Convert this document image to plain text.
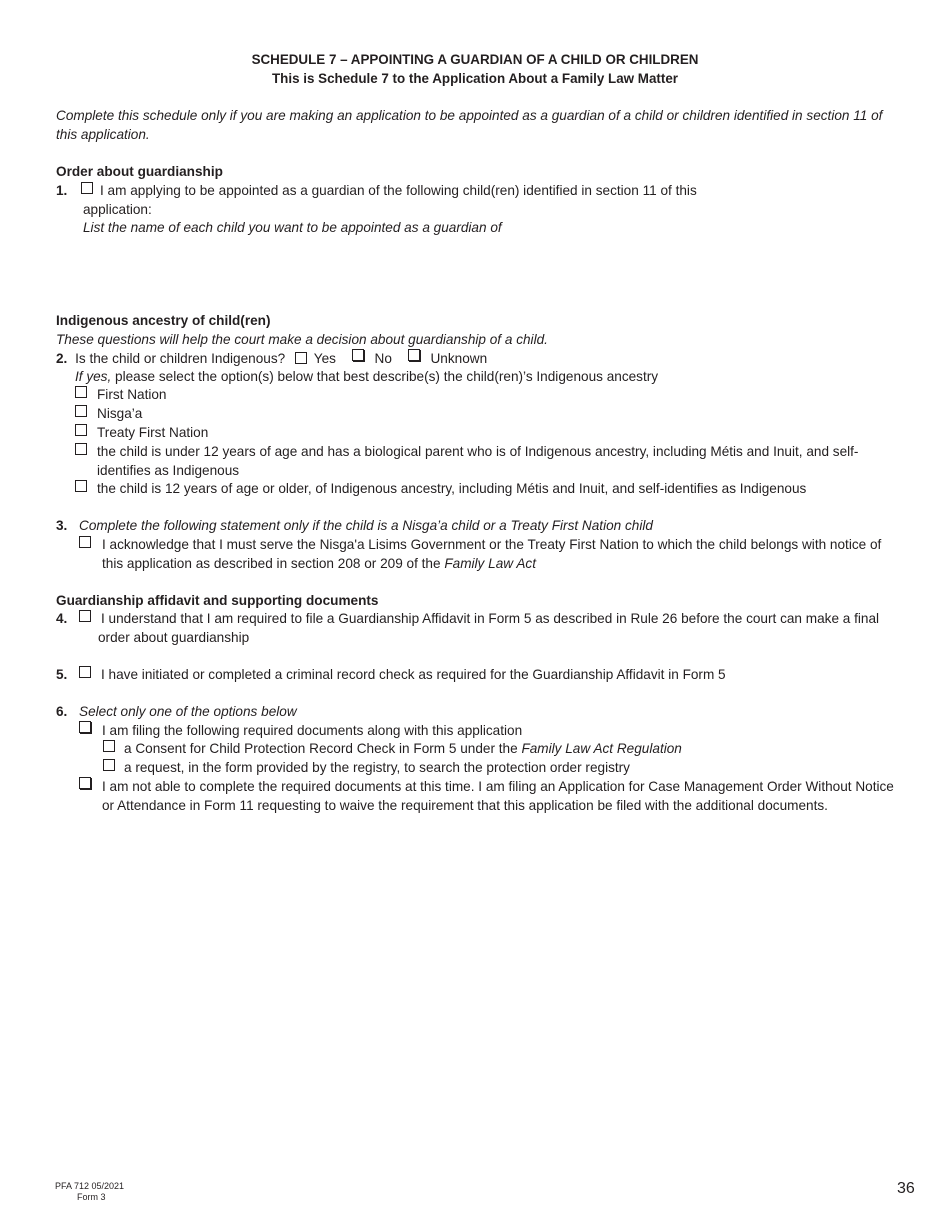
SCHEDULE 7 – APPOINTING A GUARDIAN OF A CHILD OR CHILDREN
This is Schedule 7 to the Application About a Family Law Matter
Complete this schedule only if you are making an application to be appointed as a guardian of a child or children identified in section 11 of this application.
Order about guardianship
1.	I am applying to be appointed as a guardian of the following child(ren) identified in section 11 of this application:
List the name of each child you want to be appointed as a guardian of
Indigenous ancestry of child(ren)
These questions will help the court make a decision about guardianship of a child.
2. Is the child or children Indigenous? Yes	No	Unknown
If yes, please select the option(s) below that best describe(s) the child(ren)’s Indigenous ancestry
First Nation
Nisga’a
Treaty First Nation
the child is under 12 years of age and has a biological parent who is of Indigenous ancestry, including Métis and Inuit, and self-identifies as Indigenous
the child is 12 years of age or older, of Indigenous ancestry, including Métis and Inuit, and self-identifies as Indigenous
3. Complete the following statement only if the child is a Nisga’a child or a Treaty First Nation child
I acknowledge that I must serve the Nisga'a Lisims Government or the Treaty First Nation to which the child belongs with notice of this application as described in section 208 or 209 of the Family Law Act
Guardianship affidavit and supporting documents
4. I understand that I am required to file a Guardianship Affidavit in Form 5 as described in Rule 26 before the court can make a final order about guardianship
5. I have initiated or completed a criminal record check as required for the Guardianship Affidavit in Form 5
6. Select only one of the options below
I am filing the following required documents along with this application
a Consent for Child Protection Record Check in Form 5 under the Family Law Act Regulation
a request, in the form provided by the registry, to search the protection order registry
I am not able to complete the required documents at this time. I am filing an Application for Case Management Order Without Notice or Attendance in Form 11 requesting to waive the requirement that this application be filed with the additional documents.
PFA 712 05/2021
Form 3	36
